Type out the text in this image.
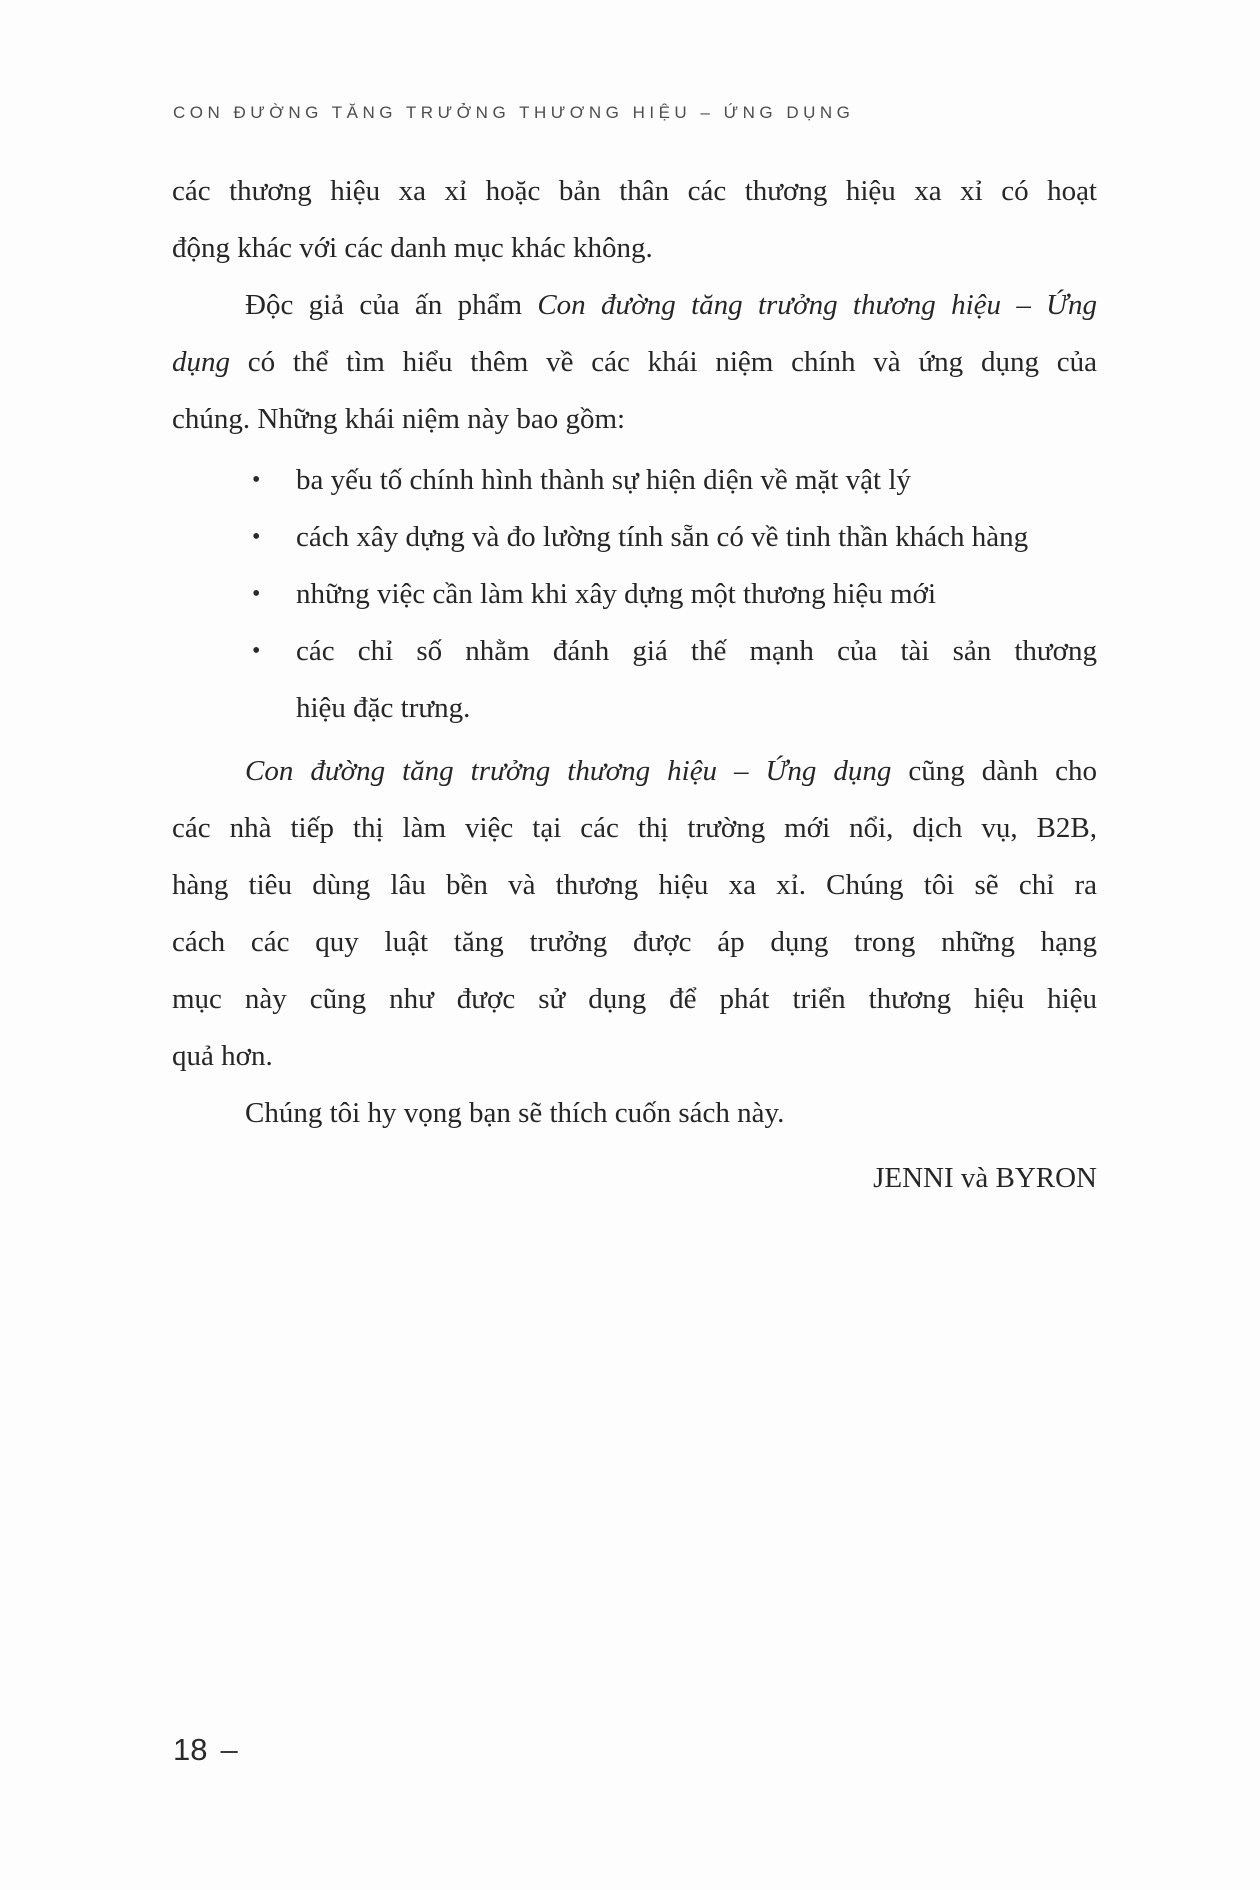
CON ĐƯỜNG TĂNG TRƯỞNG THƯƠNG HIỆU – ỨNG DỤNG
các thương hiệu xa xỉ hoặc bản thân các thương hiệu xa xỉ có hoạt
động khác với các danh mục khác không.
Độc giả của ấn phẩm Con đường tăng trưởng thương hiệu – Ứng
dụng có thể tìm hiểu thêm về các khái niệm chính và ứng dụng của
chúng. Những khái niệm này bao gồm:
•	ba yếu tố chính hình thành sự hiện diện về mặt vật lý
•	cách xây dựng và đo lường tính sẵn có về tinh thần khách hàng
•	những việc cần làm khi xây dựng một thương hiệu mới
•	các chỉ số nhằm đánh giá thế mạnh của tài sản thương
hiệu đặc trưng.
Con đường tăng trưởng thương hiệu – Ứng dụng cũng dành cho
các nhà tiếp thị làm việc tại các thị trường mới nổi, dịch vụ, B2B,
hàng tiêu dùng lâu bền và thương hiệu xa xỉ. Chúng tôi sẽ chỉ ra
cách các quy luật tăng trưởng được áp dụng trong những hạng
mục này cũng như được sử dụng để phát triển thương hiệu hiệu
quả hơn.
Chúng tôi hy vọng bạn sẽ thích cuốn sách này.
JENNI và BYRON
18 –
